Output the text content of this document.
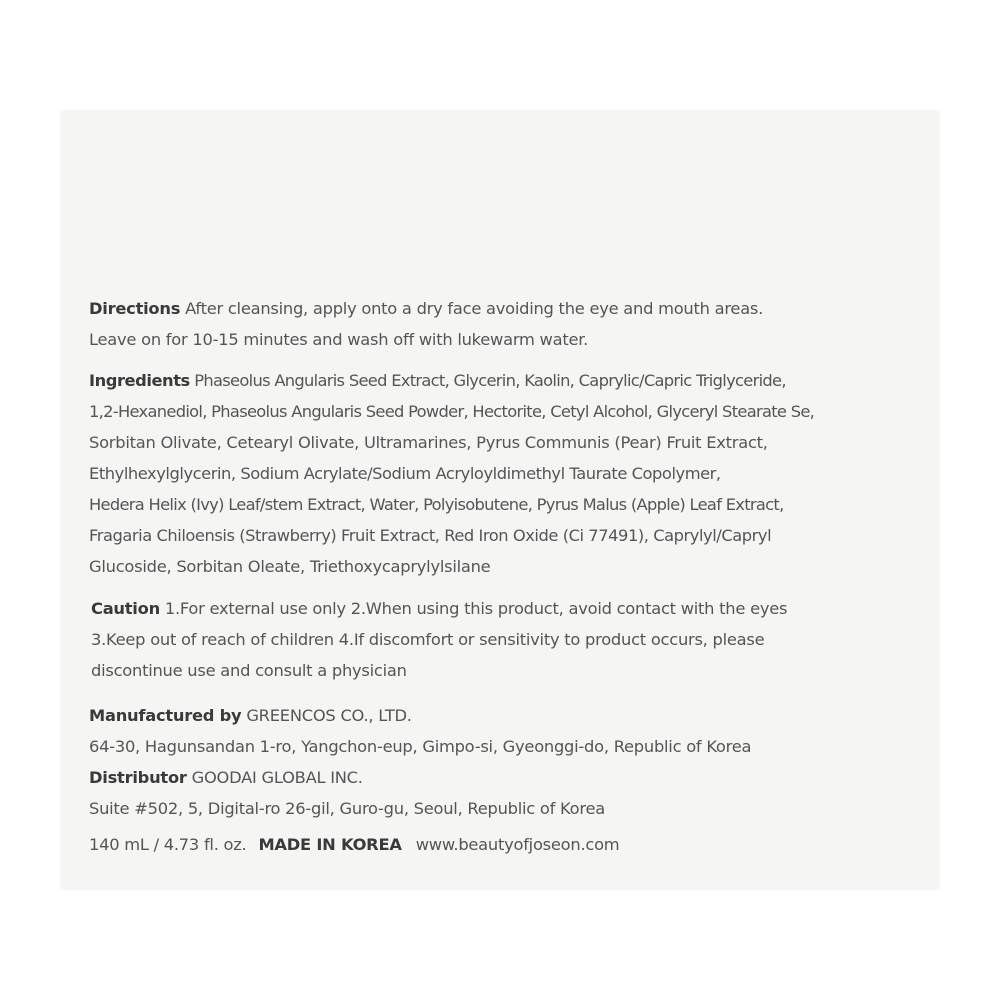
Directions After cleansing, apply onto a dry face avoiding the eye and mouth areas.
Leave on for 10-15 minutes and wash off with lukewarm water.
Ingredients Phaseolus Angularis Seed Extract, Glycerin, Kaolin, Caprylic/Capric Triglyceride,
1,2-Hexanediol, Phaseolus Angularis Seed Powder, Hectorite, Cetyl Alcohol, Glyceryl Stearate Se,
Sorbitan Olivate, Cetearyl Olivate, Ultramarines, Pyrus Communis (Pear) Fruit Extract,
Ethylhexylglycerin, Sodium Acrylate/Sodium Acryloyldimethyl Taurate Copolymer,
Hedera Helix (Ivy) Leaf/stem Extract, Water, Polyisobutene, Pyrus Malus (Apple) Leaf Extract,
Fragaria Chiloensis (Strawberry) Fruit Extract, Red Iron Oxide (Ci 77491), Caprylyl/Capryl
Glucoside, Sorbitan Oleate, Triethoxycaprylylsilane
Caution 1.For external use only 2.When using this product, avoid contact with the eyes
3.Keep out of reach of children 4.If discomfort or sensitivity to product occurs, please
discontinue use and consult a physician
Manufactured by GREENCOS CO., LTD.
64-30, Hagunsandan 1-ro, Yangchon-eup, Gimpo-si, Gyeonggi-do, Republic of Korea
Distributor GOODAI GLOBAL INC.
Suite #502, 5, Digital-ro 26-gil, Guro-gu, Seoul, Republic of Korea
140 mL / 4.73 fl. oz. MADE IN KOREA www.beautyofjoseon.com
